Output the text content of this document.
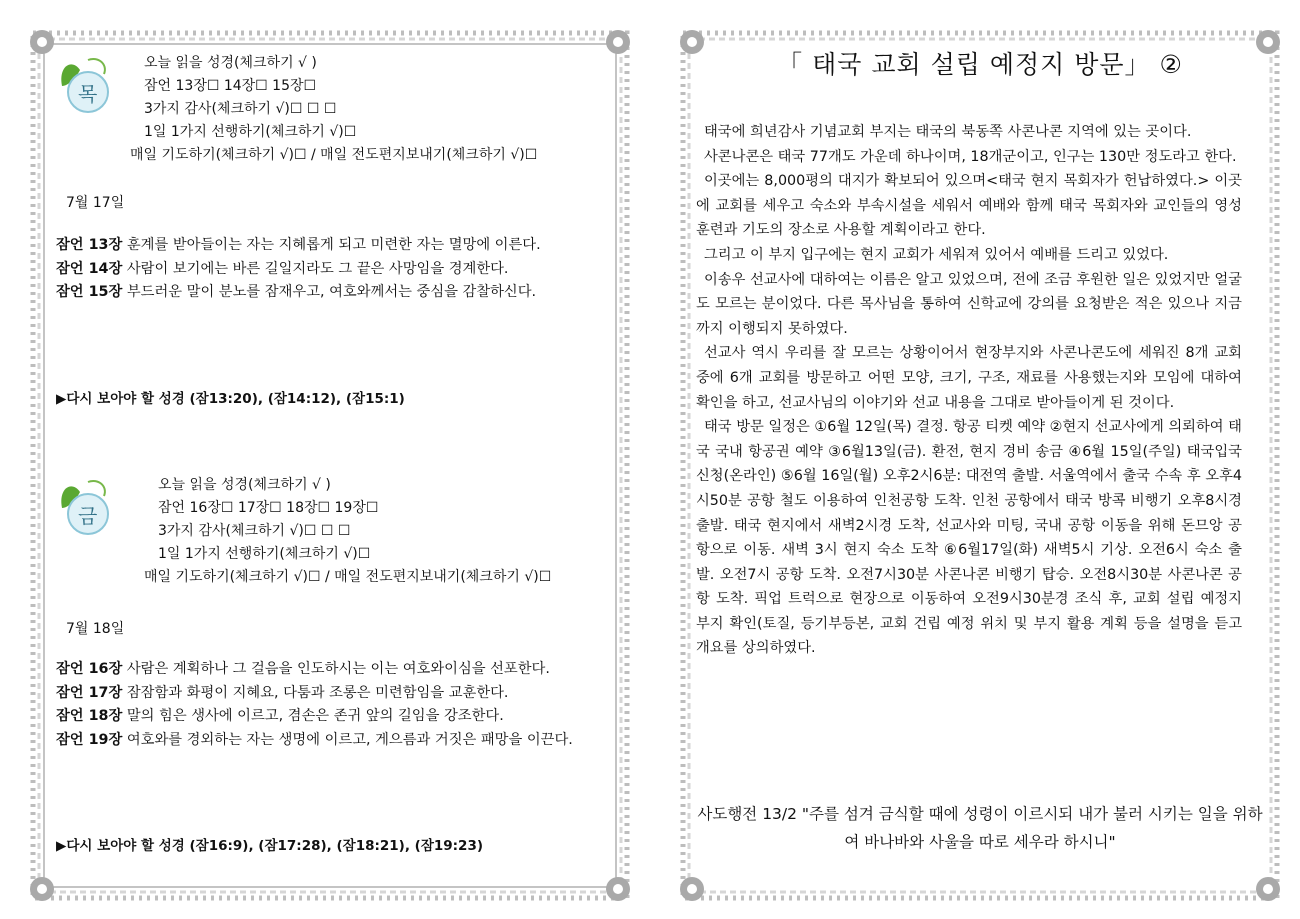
목
오늘 읽을 성경(체크하기 √ )
잠언 13장☐ 14장☐ 15장☐
3가지 감사(체크하기 √)☐ ☐ ☐
1일 1가지 선행하기(체크하기 √)☐
매일 기도하기(체크하기 √)☐ / 매일 전도편지보내기(체크하기 √)☐
7월 17일

잠언 13장 훈계를 받아들이는 자는 지혜롭게 되고 미련한 자는 멸망에 이른다.

잠언 14장 사람이 보기에는 바른 길일지라도 그 끝은 사망임을 경계한다.

잠언 15장 부드러운 말이 분노를 잠재우고, 여호와께서는 중심을 감찰하신다.

▶다시 보아야 할 성경 (잠13:20), (잠14:12), (잠15:1)
금
오늘 읽을 성경(체크하기 √ )
잠언 16장☐ 17장☐ 18장☐ 19장☐
3가지 감사(체크하기 √)☐ ☐ ☐
1일 1가지 선행하기(체크하기 √)☐
매일 기도하기(체크하기 √)☐ / 매일 전도편지보내기(체크하기 √)☐
7월 18일

잠언 16장 사람은 계획하나 그 걸음을 인도하시는 이는 여호와이심을 선포한다.

잠언 17장 잠잠함과 화평이 지혜요, 다툼과 조롱은 미련함임을 교훈한다.

잠언 18장 말의 힘은 생사에 이르고, 겸손은 존귀 앞의 길임을 강조한다.

잠언 19장 여호와를 경외하는 자는 생명에 이르고, 게으름과 거짓은 패망을 이끈다.

▶다시 보아야 할 성경 (잠16:9), (잠17:28), (잠18:21), (잠19:23)
「 태국 교회 설립 예정지 방문」 ②

태국에 희년감사 기념교회 부지는 태국의 북동쪽 사콘나콘 지역에 있는 곳이다.

사콘나콘은 태국 77개도 가운데 하나이며, 18개군이고, 인구는 130만 정도라고 한다.

이곳에는 8,000평의 대지가 확보되어 있으며<태국 현지 목회자가 헌납하였다.> 이곳에 교회를 세우고 숙소와 부속시설을 세워서 예배와 함께 태국 목회자와 교인들의 영성 훈련과 기도의 장소로 사용할 계획이라고 한다.

그리고 이 부지 입구에는 현지 교회가 세워져 있어서 예배를 드리고 있었다.

이송우 선교사에 대하여는 이름은 알고 있었으며, 전에 조금 후원한 일은 있었지만 얼굴도 모르는 분이었다. 다른 목사님을 통하여 신학교에 강의를 요청받은 적은 있으나 지금까지 이행되지 못하였다.

선교사 역시 우리를 잘 모르는 상황이어서 현장부지와 사콘나콘도에 세워진 8개 교회 중에 6개 교회를 방문하고 어떤 모양, 크기, 구조, 재료를 사용했는지와 모임에 대하여 확인을 하고, 선교사님의 이야기와 선교 내용을 그대로 받아들이게 된 것이다.

태국 방문 일정은 ①6월 12일(목) 결정. 항공 티켓 예약 ②현지 선교사에게 의뢰하여 태국 국내 항공권 예약 ③6월13일(금). 환전, 현지 경비 송금 ④6월 15일(주일) 태국입국신청(온라인) ⑤6월 16일(월) 오후2시6분: 대전역 출발. 서울역에서 출국 수속 후 오후4시50분 공항 철도 이용하여 인천공항 도착. 인천 공항에서 태국 방콕 비행기 오후8시경 출발. 태국 현지에서 새벽2시경 도착, 선교사와 미팅, 국내 공항 이동을 위해 돈므앙 공항으로 이동. 새벽 3시 현지 숙소 도착 ⑥6월17일(화) 새벽5시 기상. 오전6시 숙소 출발. 오전7시 공항 도착. 오전7시30분 사콘나콘 비행기 탑승. 오전8시30분 사콘나콘 공항 도착. 픽업 트럭으로 현장으로 이동하여 오전9시30분경 조식 후, 교회 설립 예정지 부지 확인(토질, 등기부등본, 교회 건립 예정 위치 및 부지 활용 계획 등을 설명을 듣고 개요를 상의하였다.

사도행전 13/2 "주를 섬겨 금식할 때에 성령이 이르시되 내가 불러 시키는 일을 위하여 바나바와 사울을 따로 세우라 하시니"
